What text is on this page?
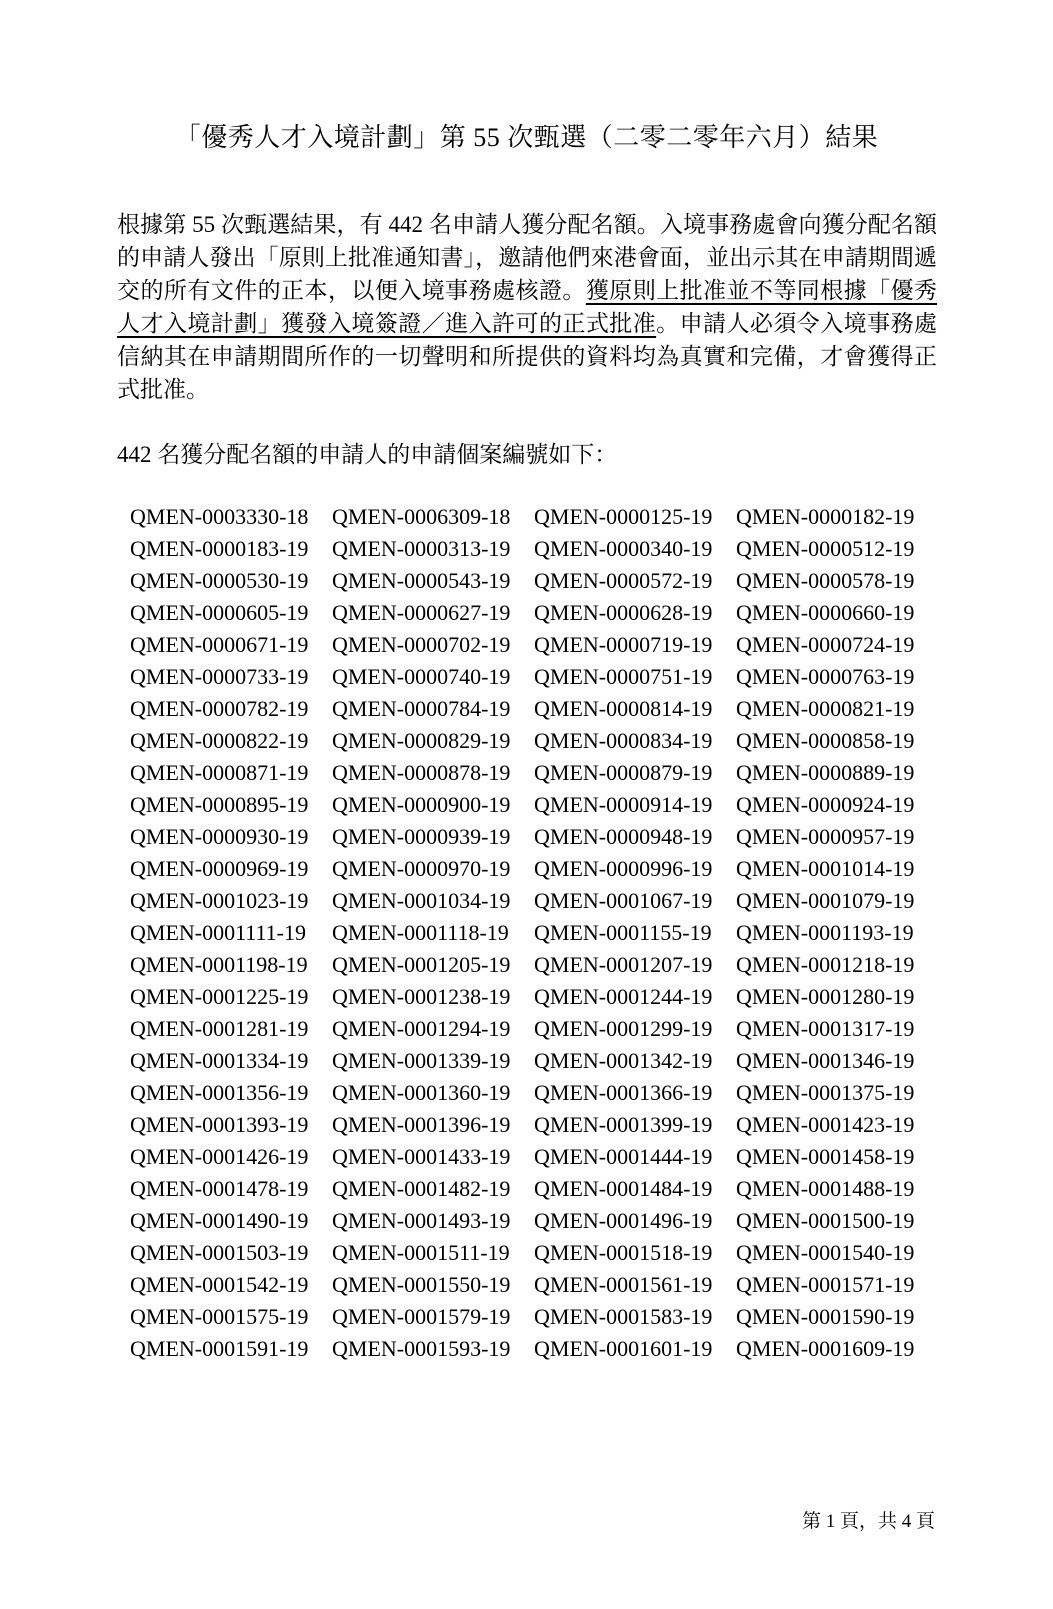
「優秀人才入境計劃」第 55 次甄選（二零二零年六月）結果

根據第 55 次甄選結果，有 442 名申請人獲分配名額。入境事務處會向獲分配名額的申請人發出「原則上批准通知書」，邀請他們來港會面，並出示其在申請期間遞交的所有文件的正本，以便入境事務處核證。獲原則上批准並不等同根據「優秀人才入境計劃」獲發入境簽證／進入許可的正式批准。申請人必須令入境事務處信納其在申請期間所作的一切聲明和所提供的資料均為真實和完備，才會獲得正式批准。

442 名獲分配名額的申請人的申請個案編號如下：

QMEN-0003330-18	QMEN-0006309-18	QMEN-0000125-19	QMEN-0000182-19
QMEN-0000183-19	QMEN-0000313-19	QMEN-0000340-19	QMEN-0000512-19
QMEN-0000530-19	QMEN-0000543-19	QMEN-0000572-19	QMEN-0000578-19
QMEN-0000605-19	QMEN-0000627-19	QMEN-0000628-19	QMEN-0000660-19
QMEN-0000671-19	QMEN-0000702-19	QMEN-0000719-19	QMEN-0000724-19
QMEN-0000733-19	QMEN-0000740-19	QMEN-0000751-19	QMEN-0000763-19
QMEN-0000782-19	QMEN-0000784-19	QMEN-0000814-19	QMEN-0000821-19
QMEN-0000822-19	QMEN-0000829-19	QMEN-0000834-19	QMEN-0000858-19
QMEN-0000871-19	QMEN-0000878-19	QMEN-0000879-19	QMEN-0000889-19
QMEN-0000895-19	QMEN-0000900-19	QMEN-0000914-19	QMEN-0000924-19
QMEN-0000930-19	QMEN-0000939-19	QMEN-0000948-19	QMEN-0000957-19
QMEN-0000969-19	QMEN-0000970-19	QMEN-0000996-19	QMEN-0001014-19
QMEN-0001023-19	QMEN-0001034-19	QMEN-0001067-19	QMEN-0001079-19
QMEN-0001111-19	QMEN-0001118-19	QMEN-0001155-19	QMEN-0001193-19
QMEN-0001198-19	QMEN-0001205-19	QMEN-0001207-19	QMEN-0001218-19
QMEN-0001225-19	QMEN-0001238-19	QMEN-0001244-19	QMEN-0001280-19
QMEN-0001281-19	QMEN-0001294-19	QMEN-0001299-19	QMEN-0001317-19
QMEN-0001334-19	QMEN-0001339-19	QMEN-0001342-19	QMEN-0001346-19
QMEN-0001356-19	QMEN-0001360-19	QMEN-0001366-19	QMEN-0001375-19
QMEN-0001393-19	QMEN-0001396-19	QMEN-0001399-19	QMEN-0001423-19
QMEN-0001426-19	QMEN-0001433-19	QMEN-0001444-19	QMEN-0001458-19
QMEN-0001478-19	QMEN-0001482-19	QMEN-0001484-19	QMEN-0001488-19
QMEN-0001490-19	QMEN-0001493-19	QMEN-0001496-19	QMEN-0001500-19
QMEN-0001503-19	QMEN-0001511-19	QMEN-0001518-19	QMEN-0001540-19
QMEN-0001542-19	QMEN-0001550-19	QMEN-0001561-19	QMEN-0001571-19
QMEN-0001575-19	QMEN-0001579-19	QMEN-0001583-19	QMEN-0001590-19
QMEN-0001591-19	QMEN-0001593-19	QMEN-0001601-19	QMEN-0001609-19
第 1 頁，共 4 頁
